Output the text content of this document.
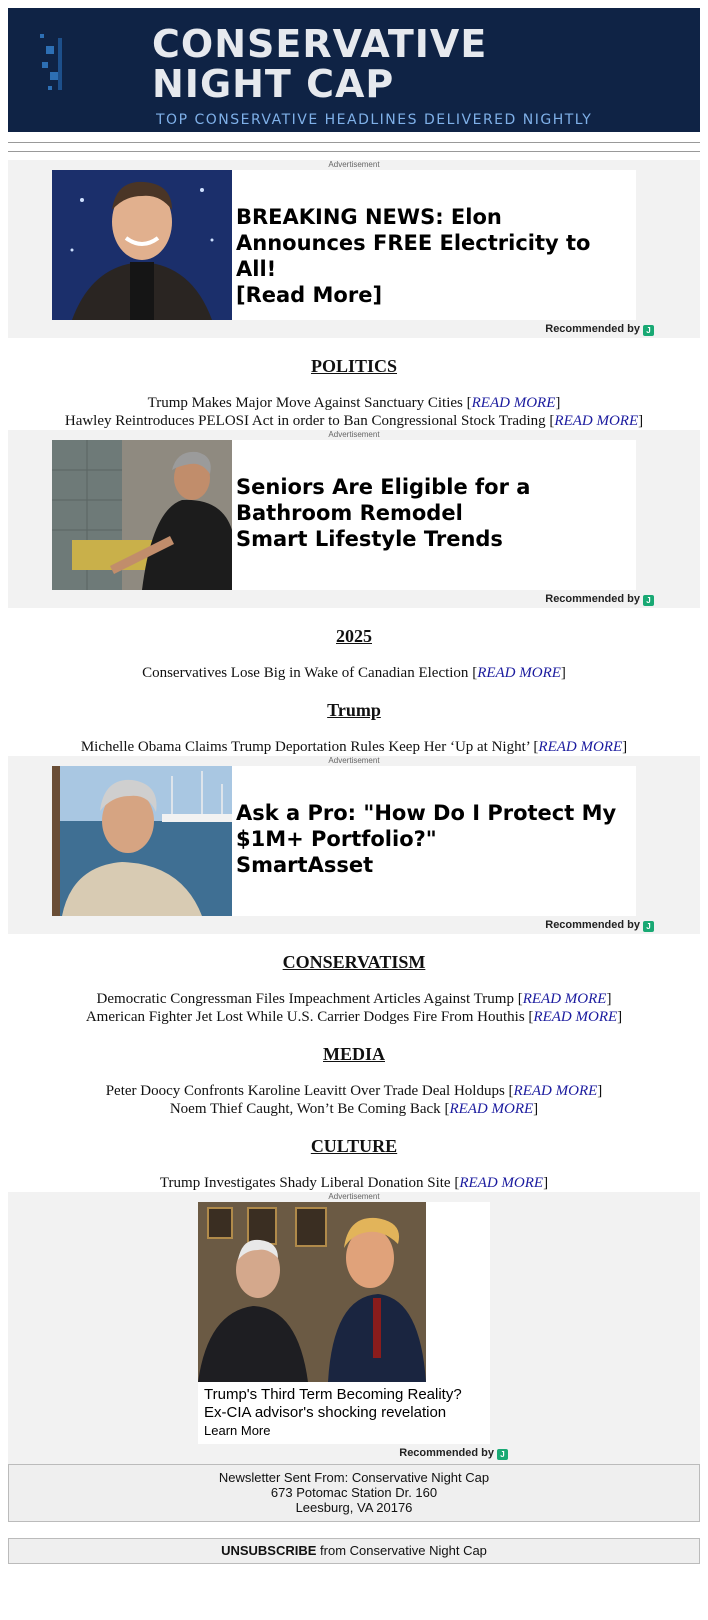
CONSERVATIVE
NIGHT CAP
TOP CONSERVATIVE HEADLINES DELIVERED NIGHTLY
Advertisement
BREAKING NEWS: Elon Announces FREE Electricity to All!
[Read More]
Recommended by J
POLITICS
Trump Makes Major Move Against Sanctuary Cities [READ MORE]
Hawley Reintroduces PELOSI Act in order to Ban Congressional Stock Trading [READ MORE]
Advertisement
Seniors Are Eligible for a Bathroom Remodel
Smart Lifestyle Trends
Recommended by J
2025
Conservatives Lose Big in Wake of Canadian Election [READ MORE]
Trump
Michelle Obama Claims Trump Deportation Rules Keep Her ‘Up at Night’ [READ MORE]
Advertisement
Ask a Pro: "How Do I Protect My $1M+ Portfolio?"
SmartAsset
Recommended by J
CONSERVATISM
Democratic Congressman Files Impeachment Articles Against Trump [READ MORE]
American Fighter Jet Lost While U.S. Carrier Dodges Fire From Houthis [READ MORE]
MEDIA
Peter Doocy Confronts Karoline Leavitt Over Trade Deal Holdups [READ MORE]
Noem Thief Caught, Won’t Be Coming Back [READ MORE]
CULTURE
Trump Investigates Shady Liberal Donation Site [READ MORE]
Advertisement
Trump's Third Term Becoming Reality?
Ex-CIA advisor's shocking revelation
Learn More
Recommended by J
Newsletter Sent From: Conservative Night Cap
673 Potomac Station Dr. 160
Leesburg, VA 20176
UNSUBSCRIBE from Conservative Night Cap
